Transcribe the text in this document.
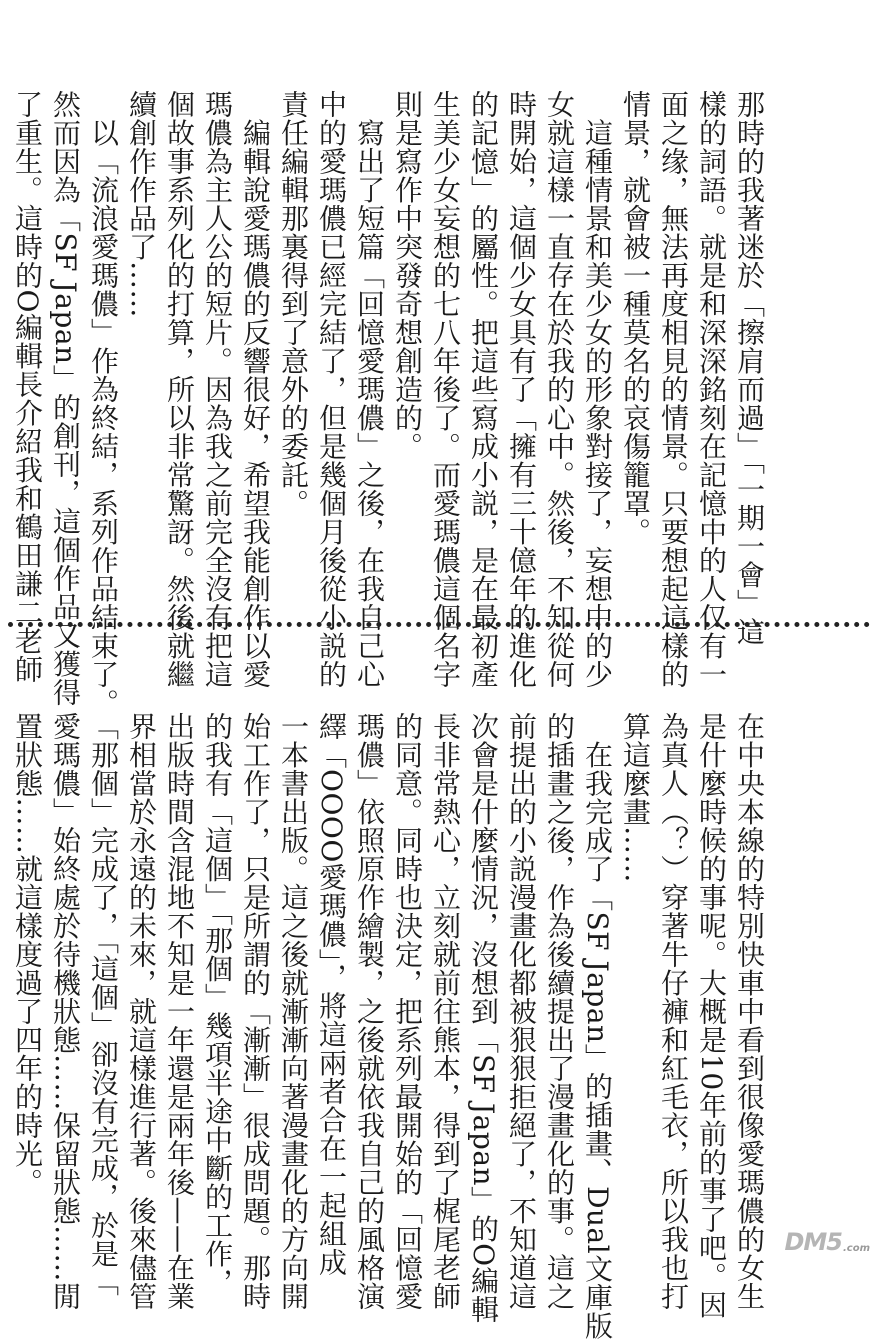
那時的我著迷於「擦肩而過」「一期一會」這
樣的詞語。就是和深深銘刻在記憶中的人仅有一
面之缘，無法再度相見的情景。只要想起這樣的
情景，就會被一種莫名的哀傷籠罩。
　這種情景和美少女的形象對接了，妄想中的少
女就這樣一直存在於我的心中。然後，不知從何
時開始，這個少女具有了「擁有三十億年的進化
的記憶」的屬性。把這些寫成小説，是在最初產
生美少女妄想的七八年後了。而愛瑪儂這個名字
則是寫作中突發奇想創造的。
　寫出了短篇「回憶愛瑪儂」之後，在我自己心
中的愛瑪儂已經完結了，但是幾個月後從小説的
責任編輯那裏得到了意外的委託。
　編輯說愛瑪儂的反響很好，希望我能創作以愛
瑪儂為主人公的短片。因為我之前完全沒有把這
個故事系列化的打算，所以非常驚訝。然後就繼
續創作作品了……
　以「流浪愛瑪儂」作為終結，系列作品結束了。
然而因為「SF Japan」的創刊，這個作品又獲得
了重生。這時的O編輯長介紹我和鶴田謙二老師

在中央本線的特別快車中看到很像愛瑪儂的女生
是什麼時候的事呢。大概是10年前的事了吧。因
為真人（？）穿著牛仔褲和紅毛衣，所以我也打
算這麼畫……
　在我完成了「SF Japan」的插畫、Dual文庫版
的插畫之後，作為後續提出了漫畫化的事。這之
前提出的小説漫畫化都被狠狠拒絕了，不知道這
次會是什麼情況，沒想到「SF Japan」的O編輯
長非常熱心，立刻就前往熊本，得到了梶尾老師
的同意。同時也決定，把系列最開始的「回憶愛
瑪儂」依照原作繪製，之後就依我自己的風格演
繹「OOOO愛瑪儂」，將這兩者合在一起組成
一本書出版。這之後就漸漸向著漫畫化的方向開
始工作了，只是所謂的「漸漸」很成問題。那時
的我有「這個」「那個」幾項半途中斷的工作，
出版時間含混地不知是一年還是兩年後——在業
界相當於永遠的未來，就這樣進行著。後來儘管
「那個」完成了，「這個」卻沒有完成，於是「
愛瑪儂」始終處於待機狀態……保留狀態……閒
置狀態……就這樣度過了四年的時光。

DM5 .com
